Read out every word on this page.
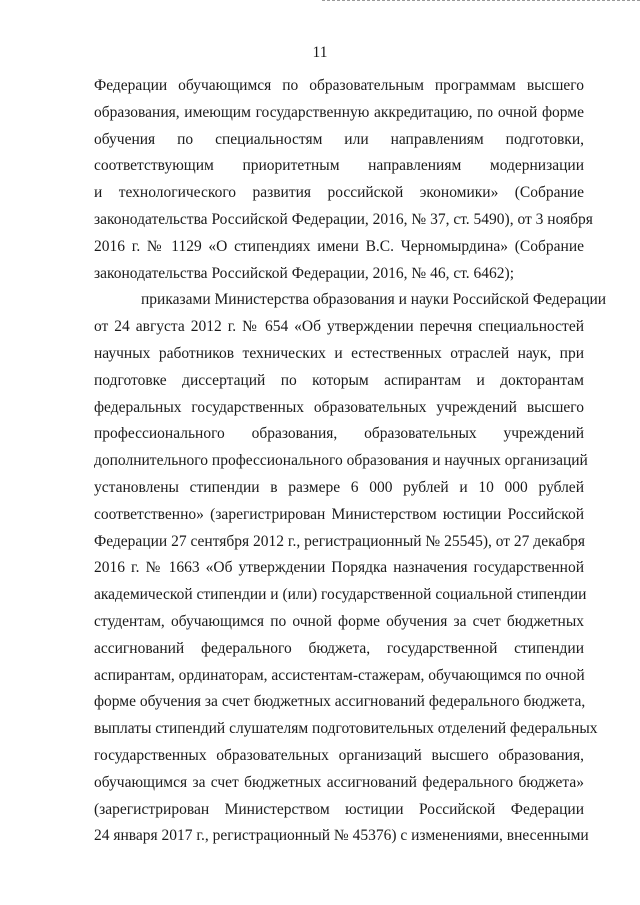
11
Федерации обучающимся по образовательным программам высшего
образования, имеющим государственную аккредитацию, по очной форме
обучения по специальностям или направлениям подготовки,
соответствующим приоритетным направлениям модернизации
и технологического развития российской экономики» (Собрание
законодательства Российской Федерации, 2016, № 37, ст. 5490), от 3 ноября
2016 г. № 1129 «О стипендиях имени В.С. Черномырдина» (Собрание
законодательства Российской Федерации, 2016, № 46, ст. 6462);
приказами Министерства образования и науки Российской Федерации
от 24 августа 2012 г. № 654 «Об утверждении перечня специальностей
научных работников технических и естественных отраслей наук, при
подготовке диссертаций по которым аспирантам и докторантам
федеральных государственных образовательных учреждений высшего
профессионального образования, образовательных учреждений
дополнительного профессионального образования и научных организаций
установлены стипендии в размере 6 000 рублей и 10 000 рублей
соответственно» (зарегистрирован Министерством юстиции Российской
Федерации 27 сентября 2012 г., регистрационный № 25545), от 27 декабря
2016 г. № 1663 «Об утверждении Порядка назначения государственной
академической стипендии и (или) государственной социальной стипендии
студентам, обучающимся по очной форме обучения за счет бюджетных
ассигнований федерального бюджета, государственной стипендии
аспирантам, ординаторам, ассистентам-стажерам, обучающимся по очной
форме обучения за счет бюджетных ассигнований федерального бюджета,
выплаты стипендий слушателям подготовительных отделений федеральных
государственных образовательных организаций высшего образования,
обучающимся за счет бюджетных ассигнований федерального бюджета»
(зарегистрирован Министерством юстиции Российской Федерации
24 января 2017 г., регистрационный № 45376) с изменениями, внесенными
